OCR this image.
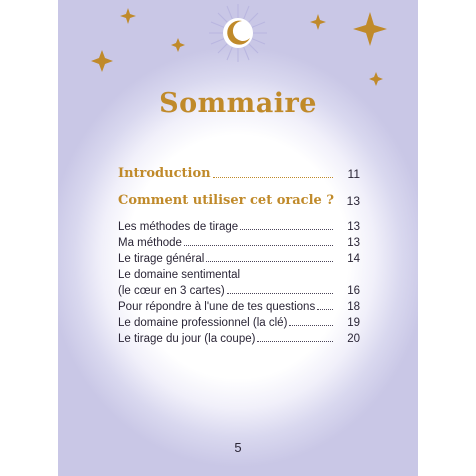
Sommaire
Introduction	11
Comment utiliser cet oracle ?	13
Les méthodes de tirage	13
Ma méthode	13
Le tirage général	14
Le domaine sentimental
(le cœur en 3 cartes)	16
Pour répondre à l'une de tes questions	18
Le domaine professionnel (la clé)	19
Le tirage du jour (la coupe)	20
5
